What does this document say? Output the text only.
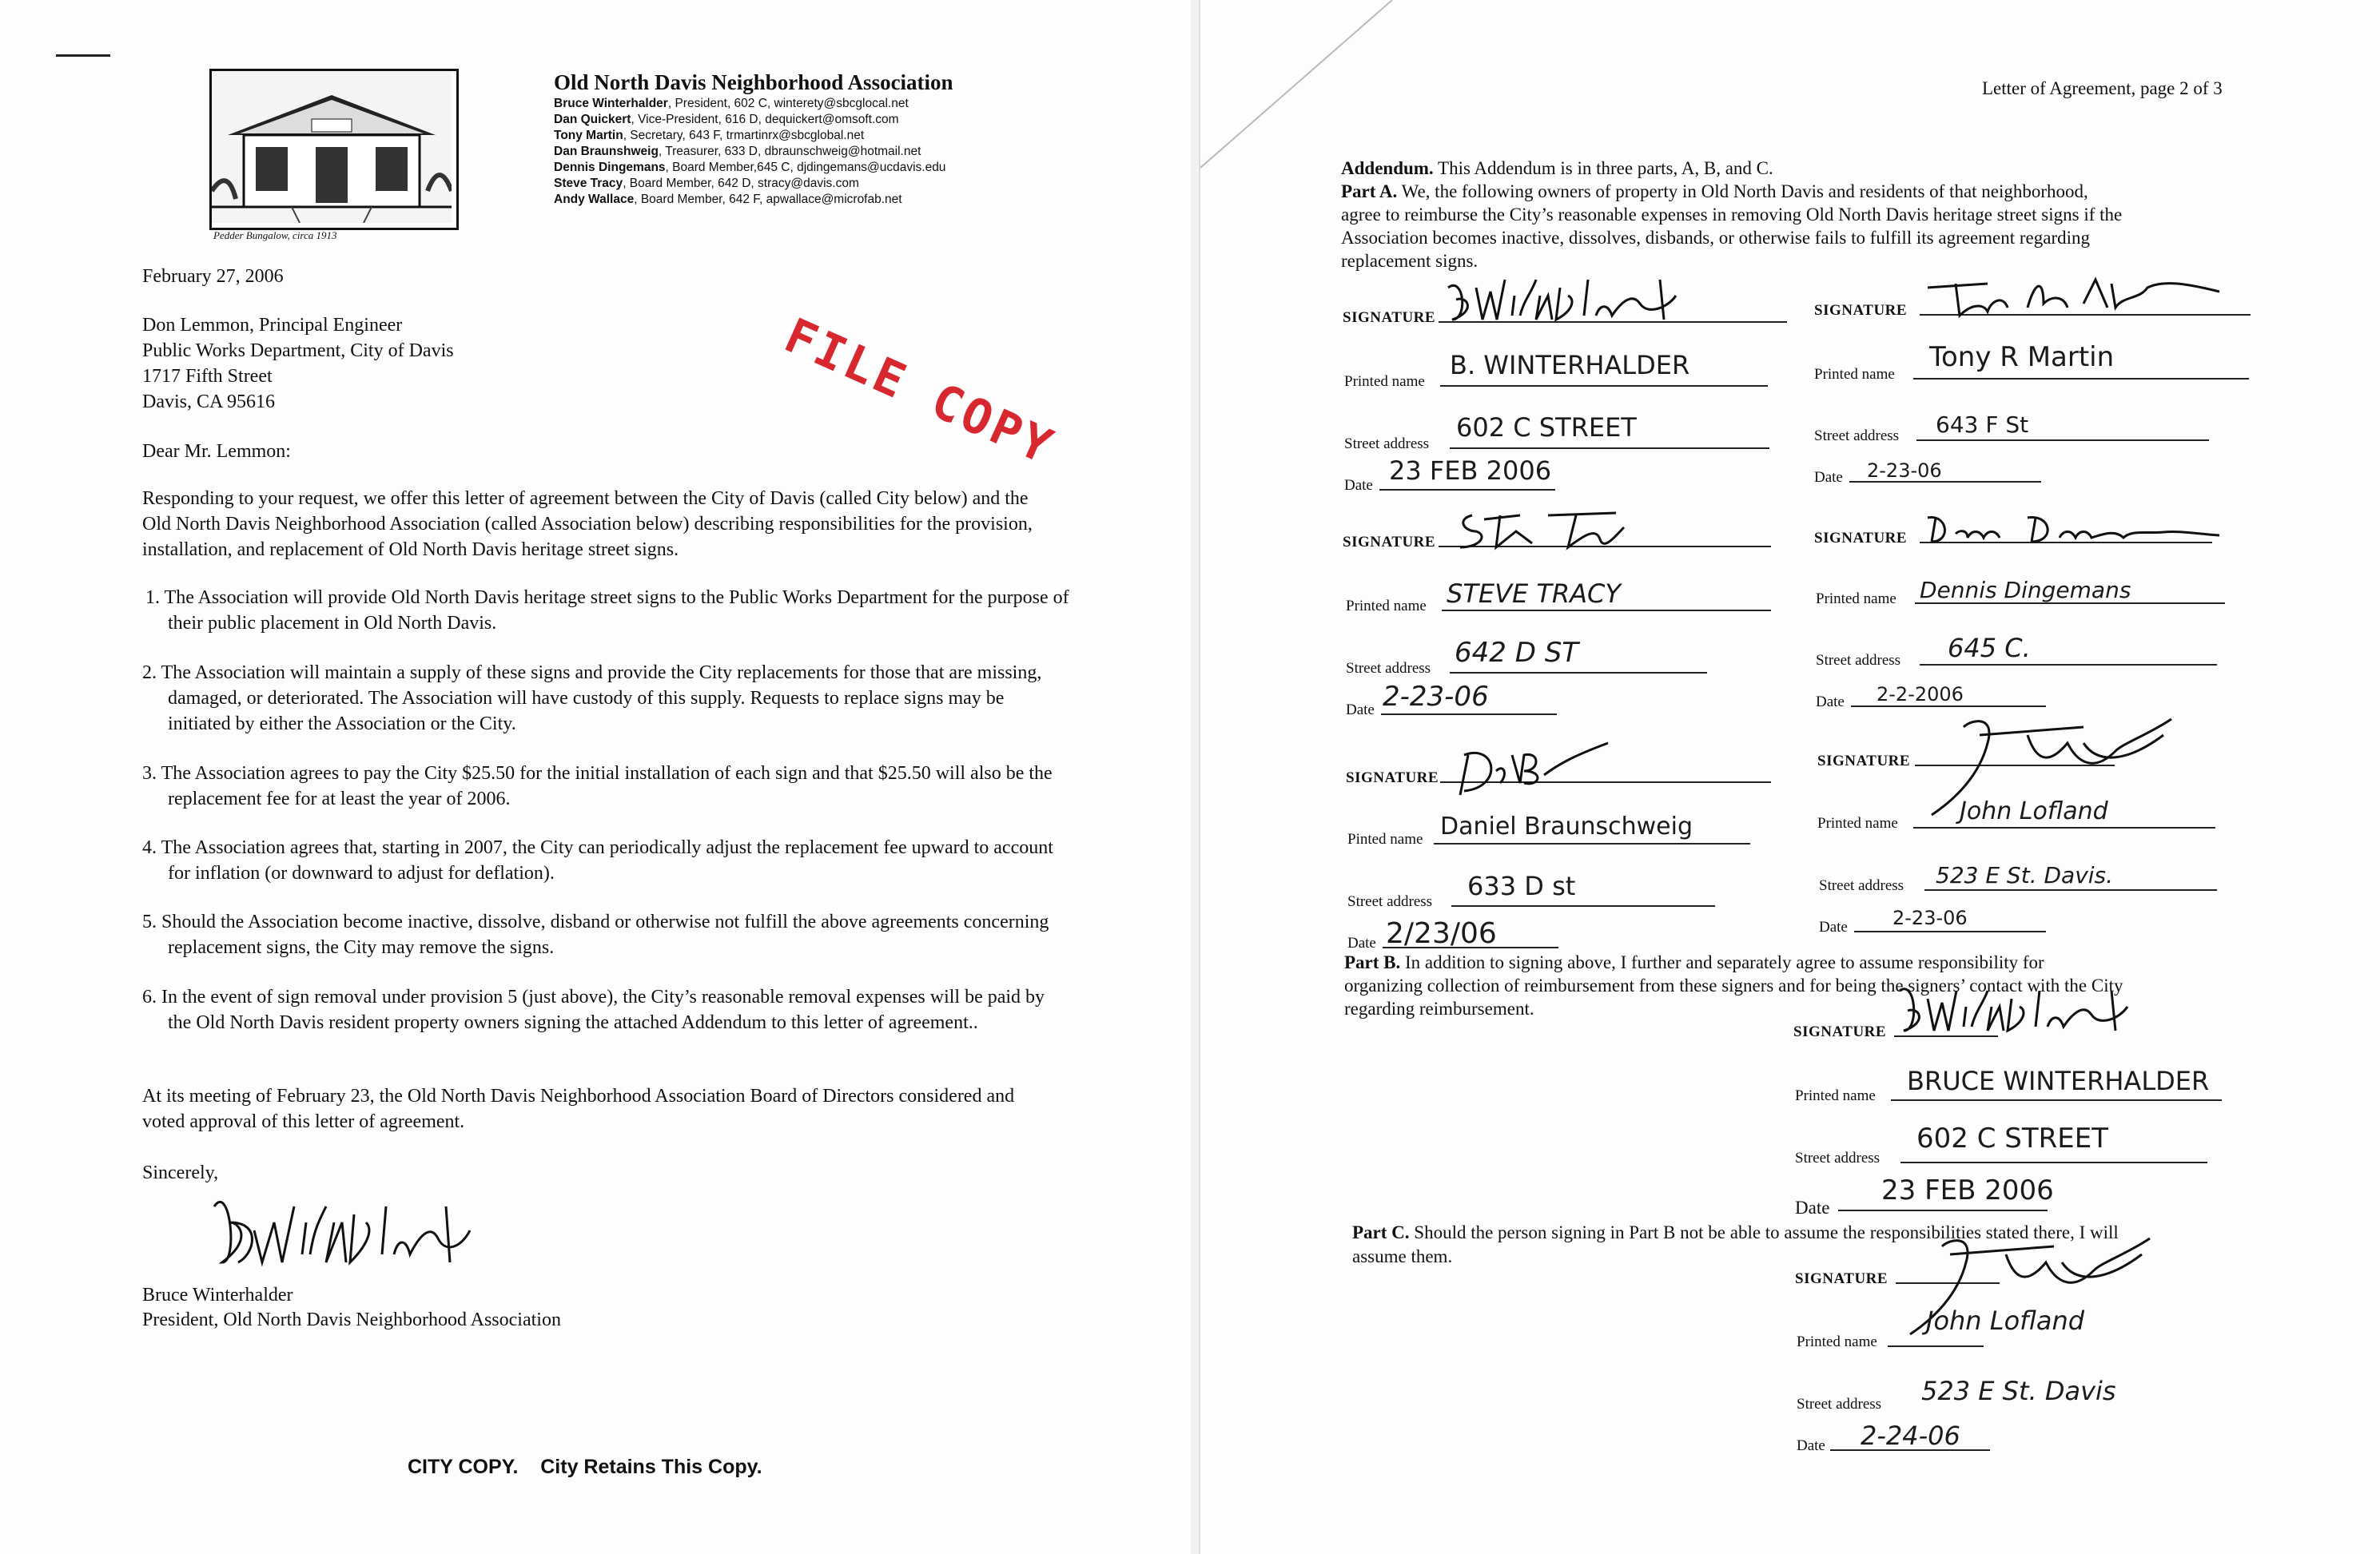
Pedder Bungalow, circa 1913
Old North Davis Neighborhood Association
Bruce Winterhalder, President, 602 C, winterety@sbcglocal.net
Dan Quickert, Vice-President, 616 D, dequickert@omsoft.com
Tony Martin, Secretary, 643 F, trmartinrx@sbcglobal.net
Dan Braunshweig, Treasurer, 633 D, dbraunschweig@hotmail.net
Dennis Dingemans, Board Member,645 C, djdingemans@ucdavis.edu
Steve Tracy, Board Member, 642 D, stracy@davis.com
Andy Wallace, Board Member, 642 F, apwallace@microfab.net
FILE COPY
February 27, 2006
Don Lemmon, Principal Engineer
Public Works Department, City of Davis
1717 Fifth Street
Davis, CA 95616
Dear Mr. Lemmon:
Responding to your request, we offer this letter of agreement between the City of Davis (called City below) and the Old North Davis Neighborhood Association (called Association below) describing responsibilities for the provision, installation, and replacement of Old North Davis heritage street signs.
1. The Association will provide Old North Davis heritage street signs to the Public Works Department for the purpose of their public placement in Old North Davis.
2. The Association will maintain a supply of these signs and provide the City replacements for those that are missing, damaged, or deteriorated. The Association will have custody of this supply. Requests to replace signs may be initiated by either the Association or the City.
3. The Association agrees to pay the City $25.50 for the initial installation of each sign and that $25.50 will also be the replacement fee for at least the year of 2006.
4. The Association agrees that, starting in 2007, the City can periodically adjust the replacement fee upward to account for inflation (or downward to adjust for deflation).
5. Should the Association become inactive, dissolve, disband or otherwise not fulfill the above agreements concerning replacement signs, the City may remove the signs.
6. In the event of sign removal under provision 5 (just above), the City’s reasonable removal expenses will be paid by the Old North Davis resident property owners signing the attached Addendum to this letter of agreement..
At its meeting of February 23, the Old North Davis Neighborhood Association Board of Directors considered and voted approval of this letter of agreement.
Sincerely,
Bruce Winterhalder
President, Old North Davis Neighborhood Association
CITY COPY.    City Retains This Copy.
Letter of Agreement, page 2 of 3
Addendum. This Addendum is in three parts, A, B, and C.
Part A. We, the following owners of property in Old North Davis and residents of that neighborhood,
agree to reimburse the City’s reasonable expenses in removing Old North Davis heritage street signs if the
Association becomes inactive, dissolves, disbands, or otherwise fails to fulfill its agreement regarding
replacement signs.
SIGNATURE
Printed name
B. WINTERHALDER
Street address
602 C STREET
Date 23 FEB 2006
SIGNATURE
Printed name
Tony R Martin
Street address 643 F St
Date 2-23-06
SIGNATURE
Printed name STEVE TRACY
Street address 642 D ST
Date 2-23-06
SIGNATURE
Printed name Dennis Dingemans
Street address 645 C.
Date 2-2-2006
SIGNATURE
Pinted name Daniel Braunschweig
Street address
633 D st
Date 2/23/06
SIGNATURE
Printed name	John Lofland
Street address 523 E St. Davis.
Date 2-23-06
Part B. In addition to signing above, I further and separately agree to assume responsibility for
organizing collection of reimbursement from these signers and for being the signers’ contact with the City
regarding reimbursement.
SIGNATURE
Printed name BRUCE WINTERHALDER
Street address
602 C STREET
Date
23 FEB 2006
Part C. Should the person signing in Part B not be able to assume the responsibilities stated there, I will
assume them.
SIGNATURE
Printed name
John Lofland
Street address 523 E St. Davis
Date 2-24-06
